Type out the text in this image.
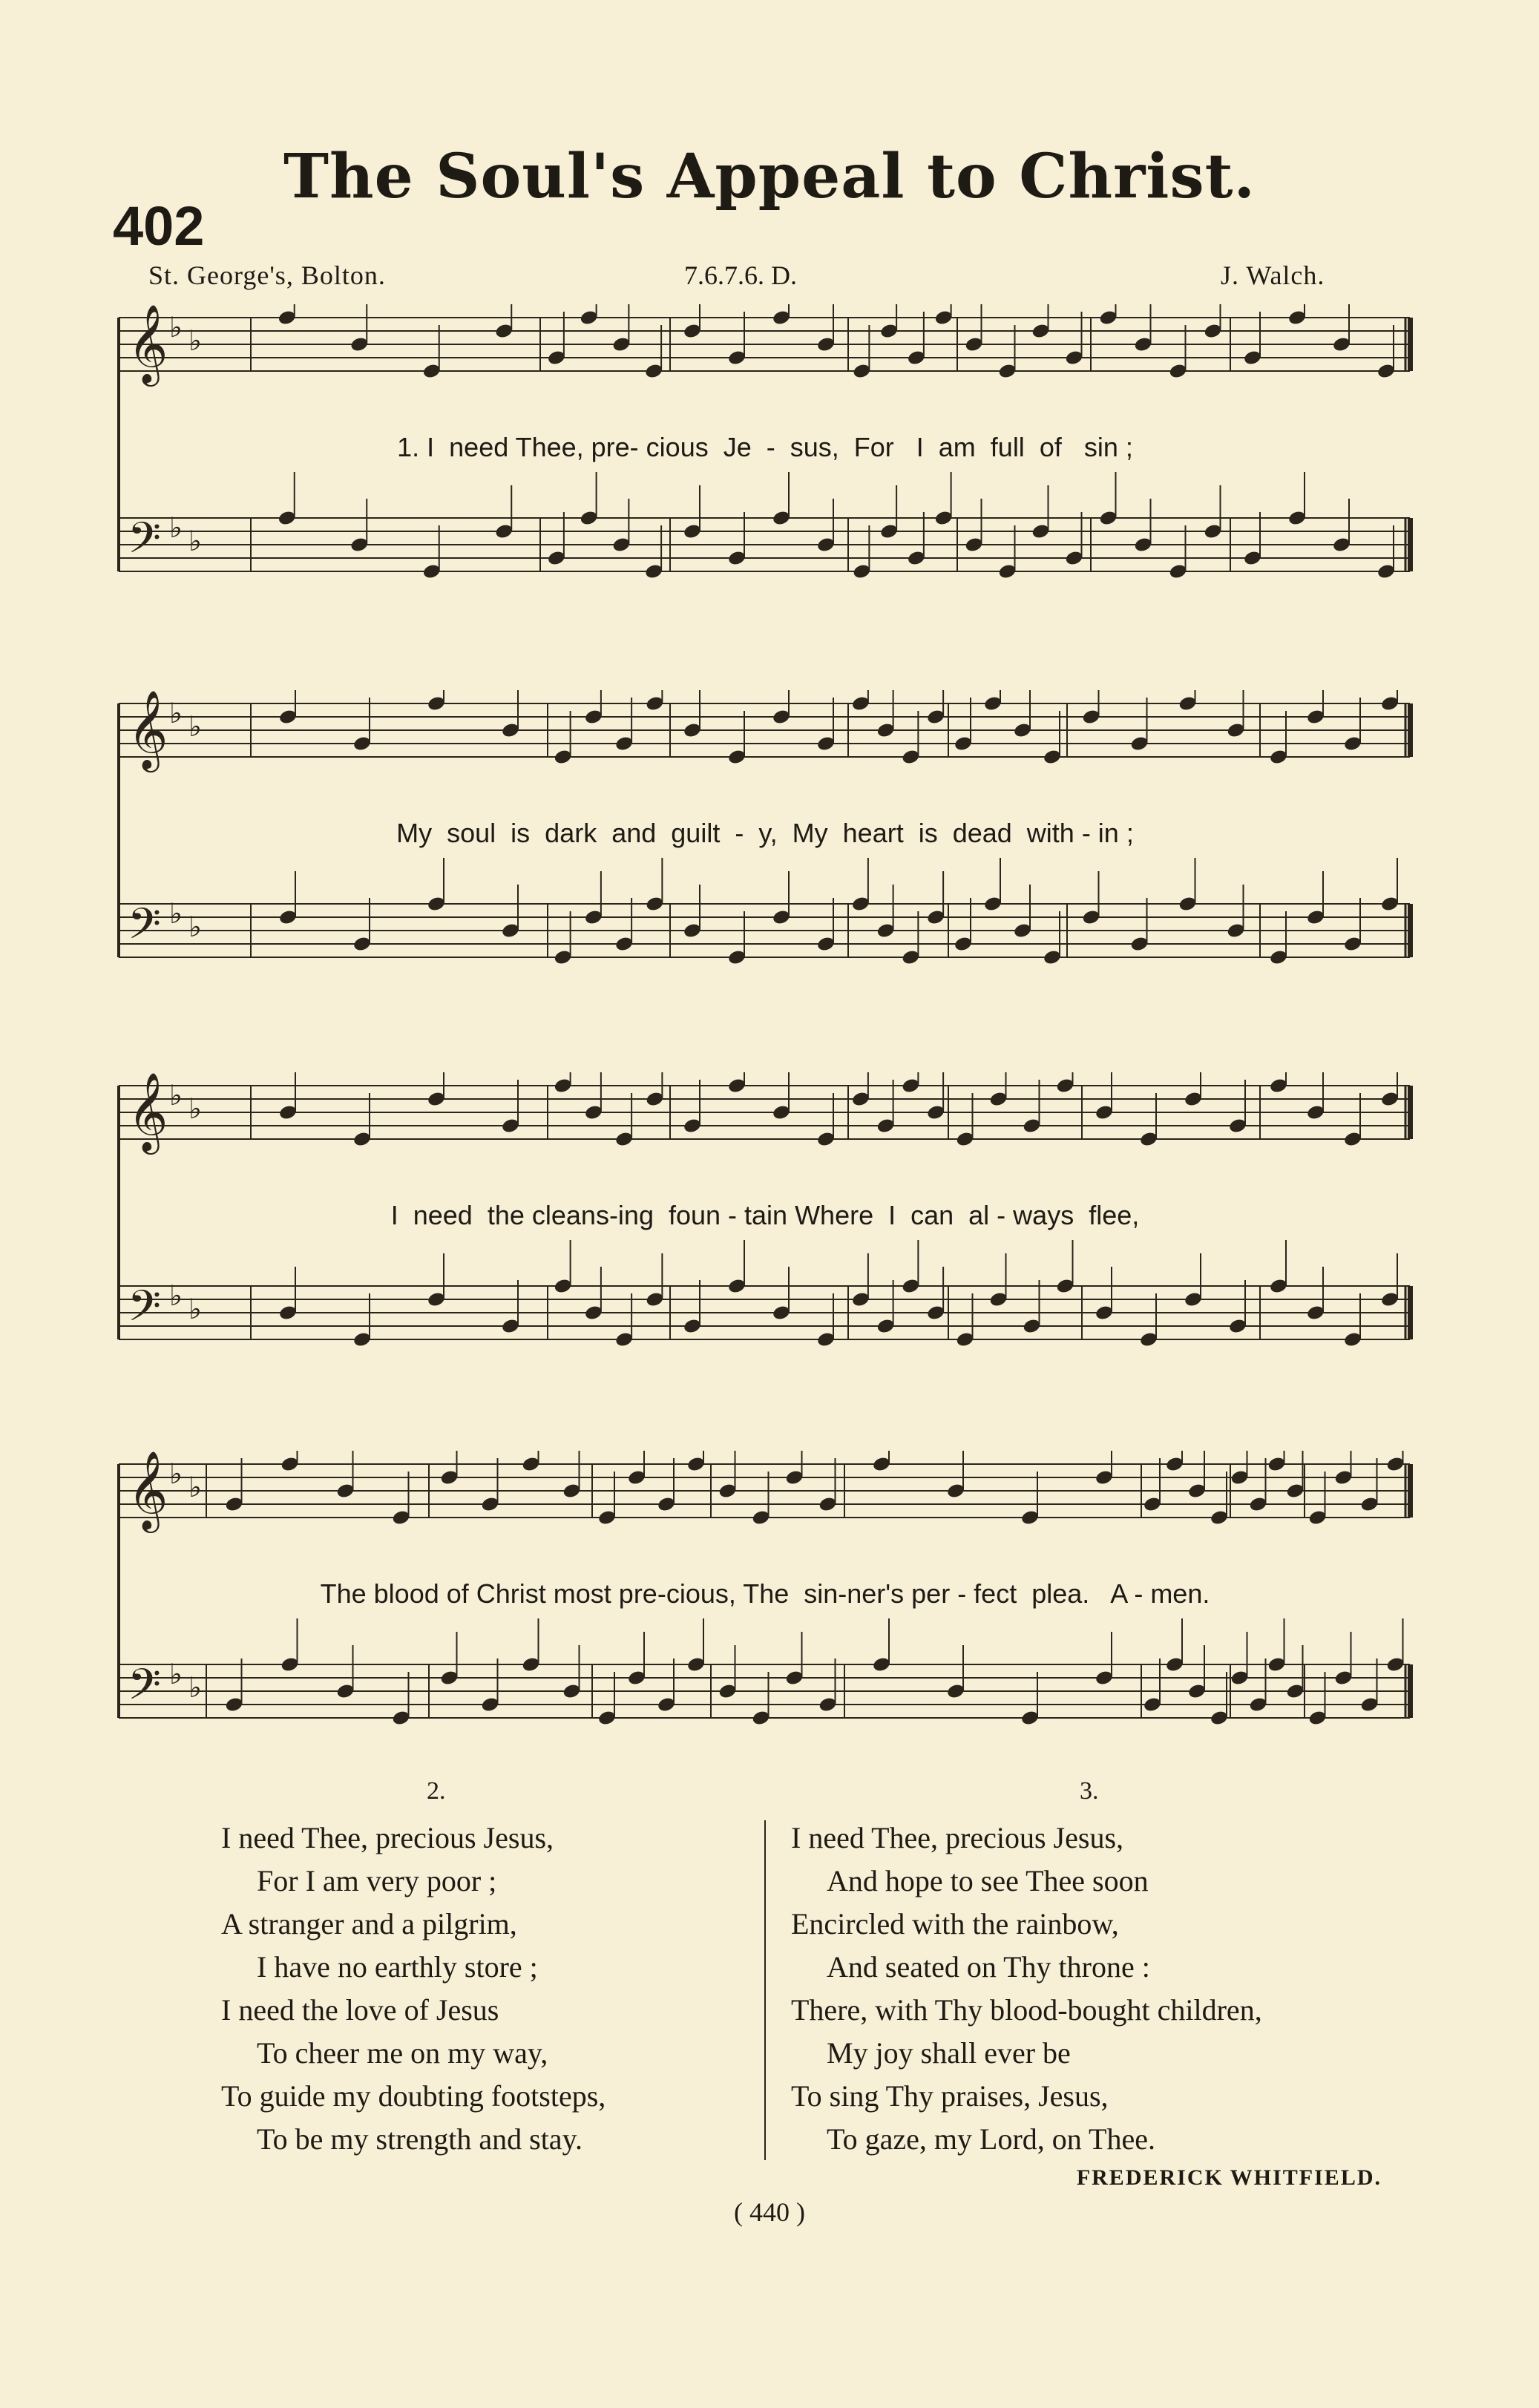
The Soul's Appeal to Christ.
402
St. George's, Bolton.	7.6.7.6. D.	J. Walch.
𝄞 ♭ ♭
𝄢 ♭ ♭
1. I  need Thee, pre- cious  Je  -  sus,  For   I  am  full  of   sin ;
𝄞 ♭ ♭
𝄢 ♭ ♭
My  soul  is  dark  and  guilt  -  y,  My  heart  is  dead  with - in ;
𝄞 ♭ ♭
𝄢 ♭ ♭
I  need  the cleans-ing  foun - tain Where  I  can  al - ways  flee,
𝄞 ♭ ♭
𝄢 ♭ ♭
The blood of Christ most pre-cious, The  sin-ner's per - fect  plea.   A - men.
2.	3.
I need Thee, precious Jesus,
For I am very poor ;
A stranger and a pilgrim,
I have no earthly store ;
I need the love of Jesus
To cheer me on my way,
To guide my doubting footsteps,
To be my strength and stay.
I need Thee, precious Jesus,
And hope to see Thee soon
Encircled with the rainbow,
And seated on Thy throne :
There, with Thy blood-bought children,
My joy shall ever be
To sing Thy praises, Jesus,
To gaze, my Lord, on Thee.
FREDERICK WHITFIELD.
( 440 )
